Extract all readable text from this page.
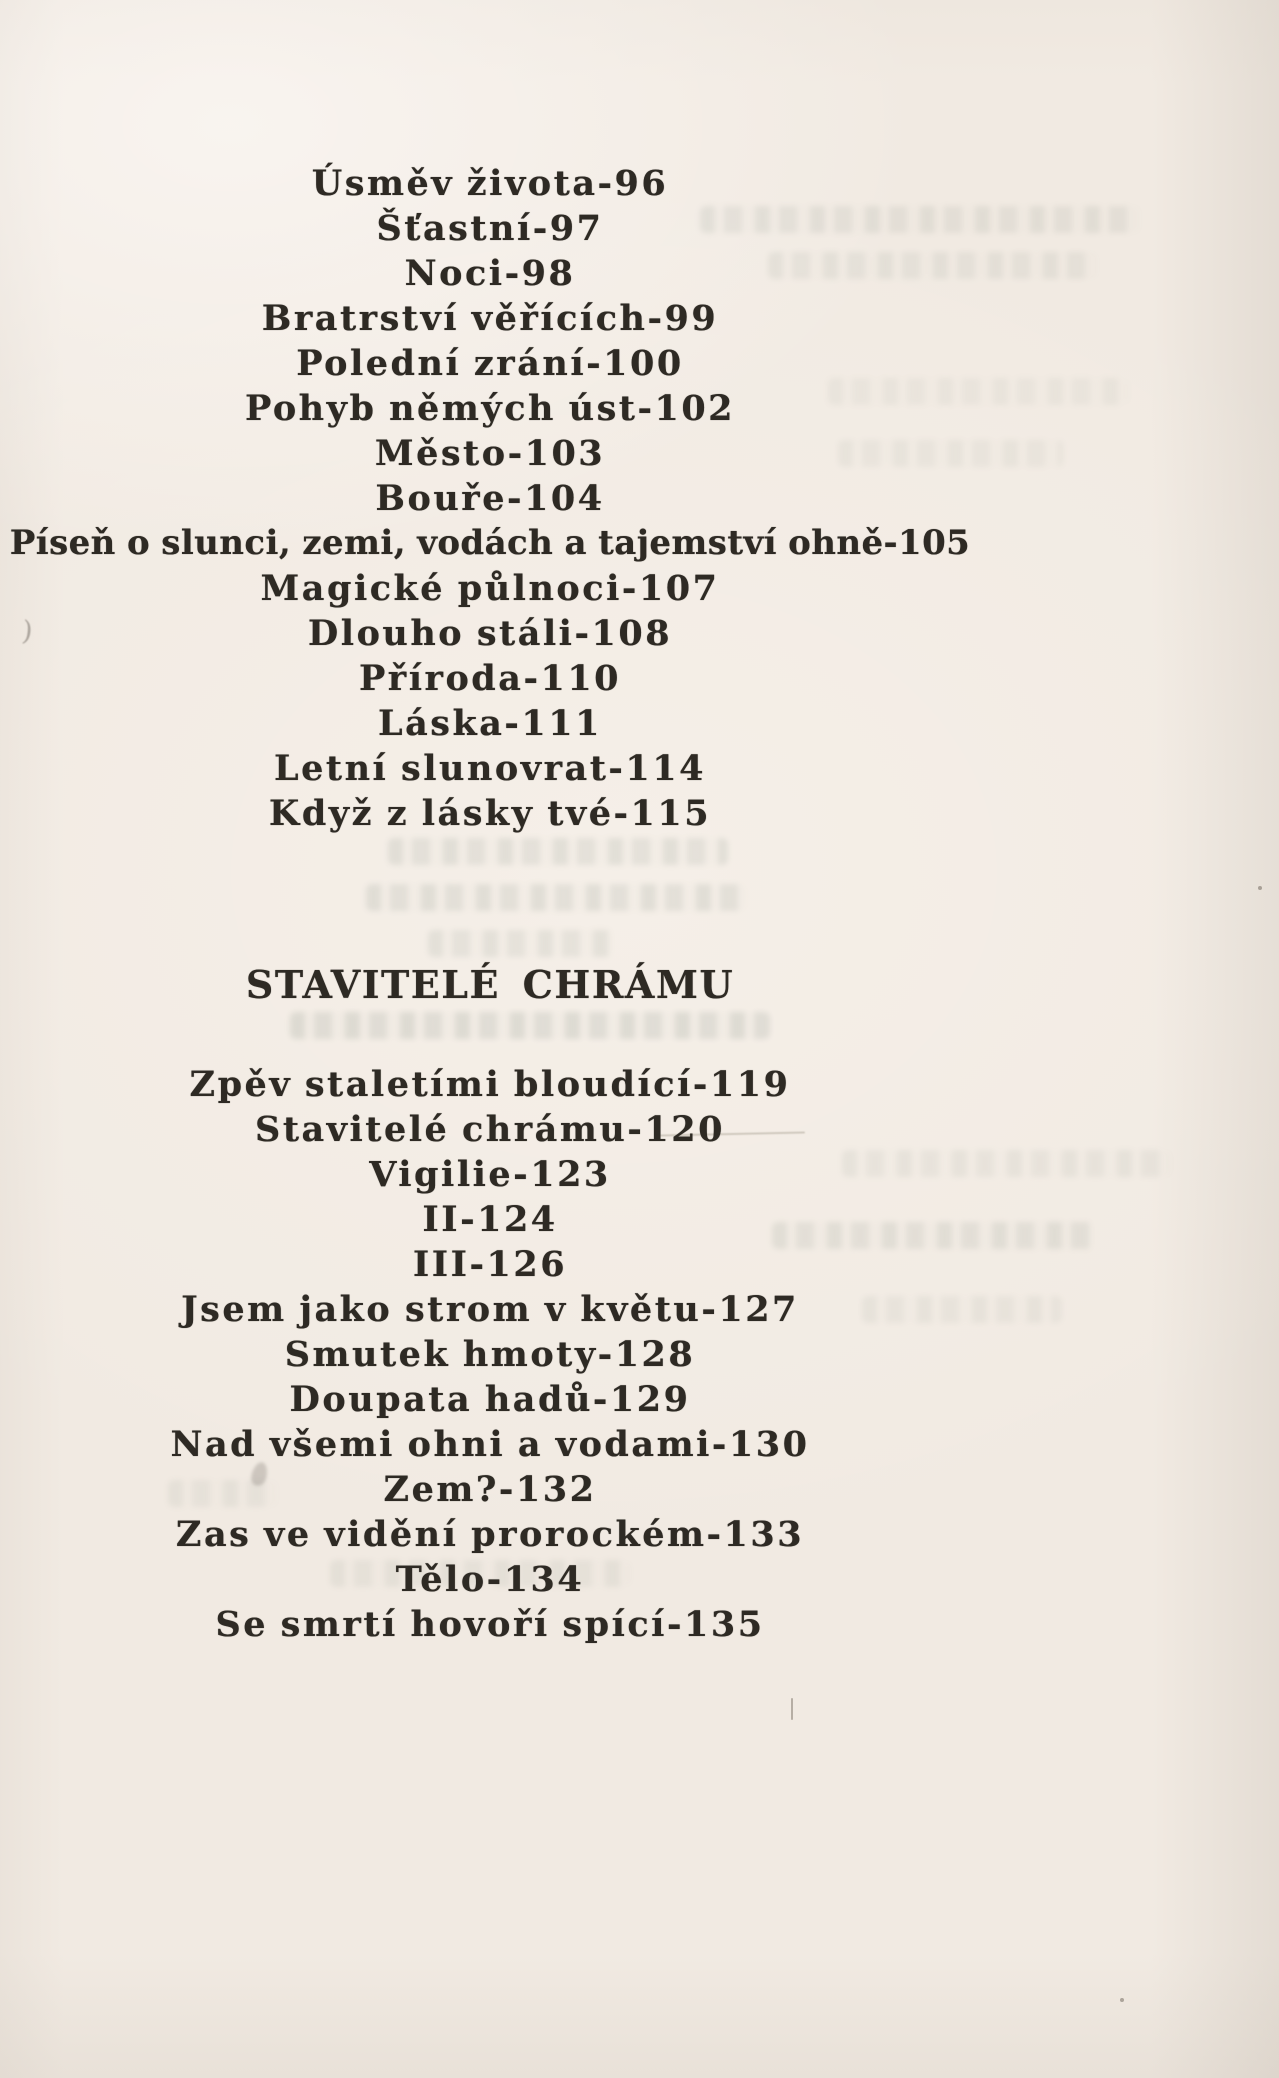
)
Úsměv života-96
Šťastní-97
Noci-98
Bratrství věřících-99
Polední zrání-100
Pohyb němých úst-102
Město-103
Bouře-104
Píseň o slunci, zemi, vodách a tajemství ohně-105
Magické půlnoci-107
Dlouho stáli-108
Příroda-110
Láska-111
Letní slunovrat-114
Když z lásky tvé-115
STAVITELÉ CHRÁMU
Zpěv staletími bloudící-119
Stavitelé chrámu-120
Vigilie-123
II-124
III-126
Jsem jako strom v květu-127
Smutek hmoty-128
Doupata hadů-129
Nad všemi ohni a vodami-130
Zem?-132
Zas ve vidění prorockém-133
Tělo-134
Se smrtí hovoří spící-135
